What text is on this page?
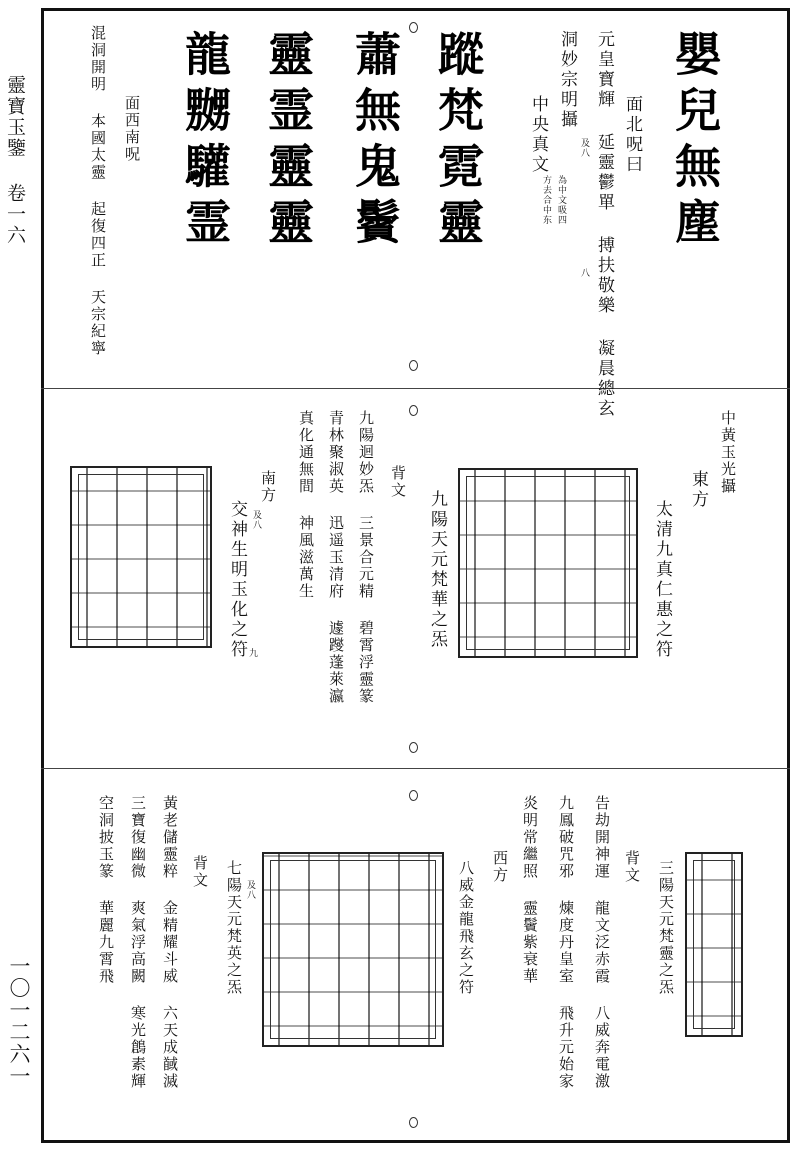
靈寶玉鑒 卷一六
一〇一二六一
嬰兒無塵
面北呪曰
元皇寶輝 延靈鬱單 搏扶敬樂 凝晨總玄
及八
八
洞妙宗明攝
中央真文
為中文吸四
方去合中东
蹤梵霓靈
蕭無鬼鬢
靈霊靈靈
龍嬲驩霊
面西南呪
混洞開明 本國太靈 起復四正 天宗紀寧
中黃玉光攝
東方
太清九真仁惠之符
九陽天元梵華之炁
背文
九陽迴妙炁 三景合元精 碧霄浮靈篆
青林聚淑英 迅遥玉清府 遽躞蓬萊瀛
真化通無間 神風滋萬生
南方
及八
交神生明玉化之符 九
三陽天元梵靈之炁
背文
告劫開神運 龍文泛赤霞 八威奔電激
九鳳破咒邪 煉度丹皇室 飛升元始家
炎明常繼照 靈鬢紫衰華
西方
八威金龍飛玄之符
及八
七陽天元梵英之炁
背文
黃老儲靈粹 金精耀斗威 六天成馘滅
三寶復幽微 爽氣浮高闕 寒光鶬素輝
空洞披玉篆 華麗九霄飛
